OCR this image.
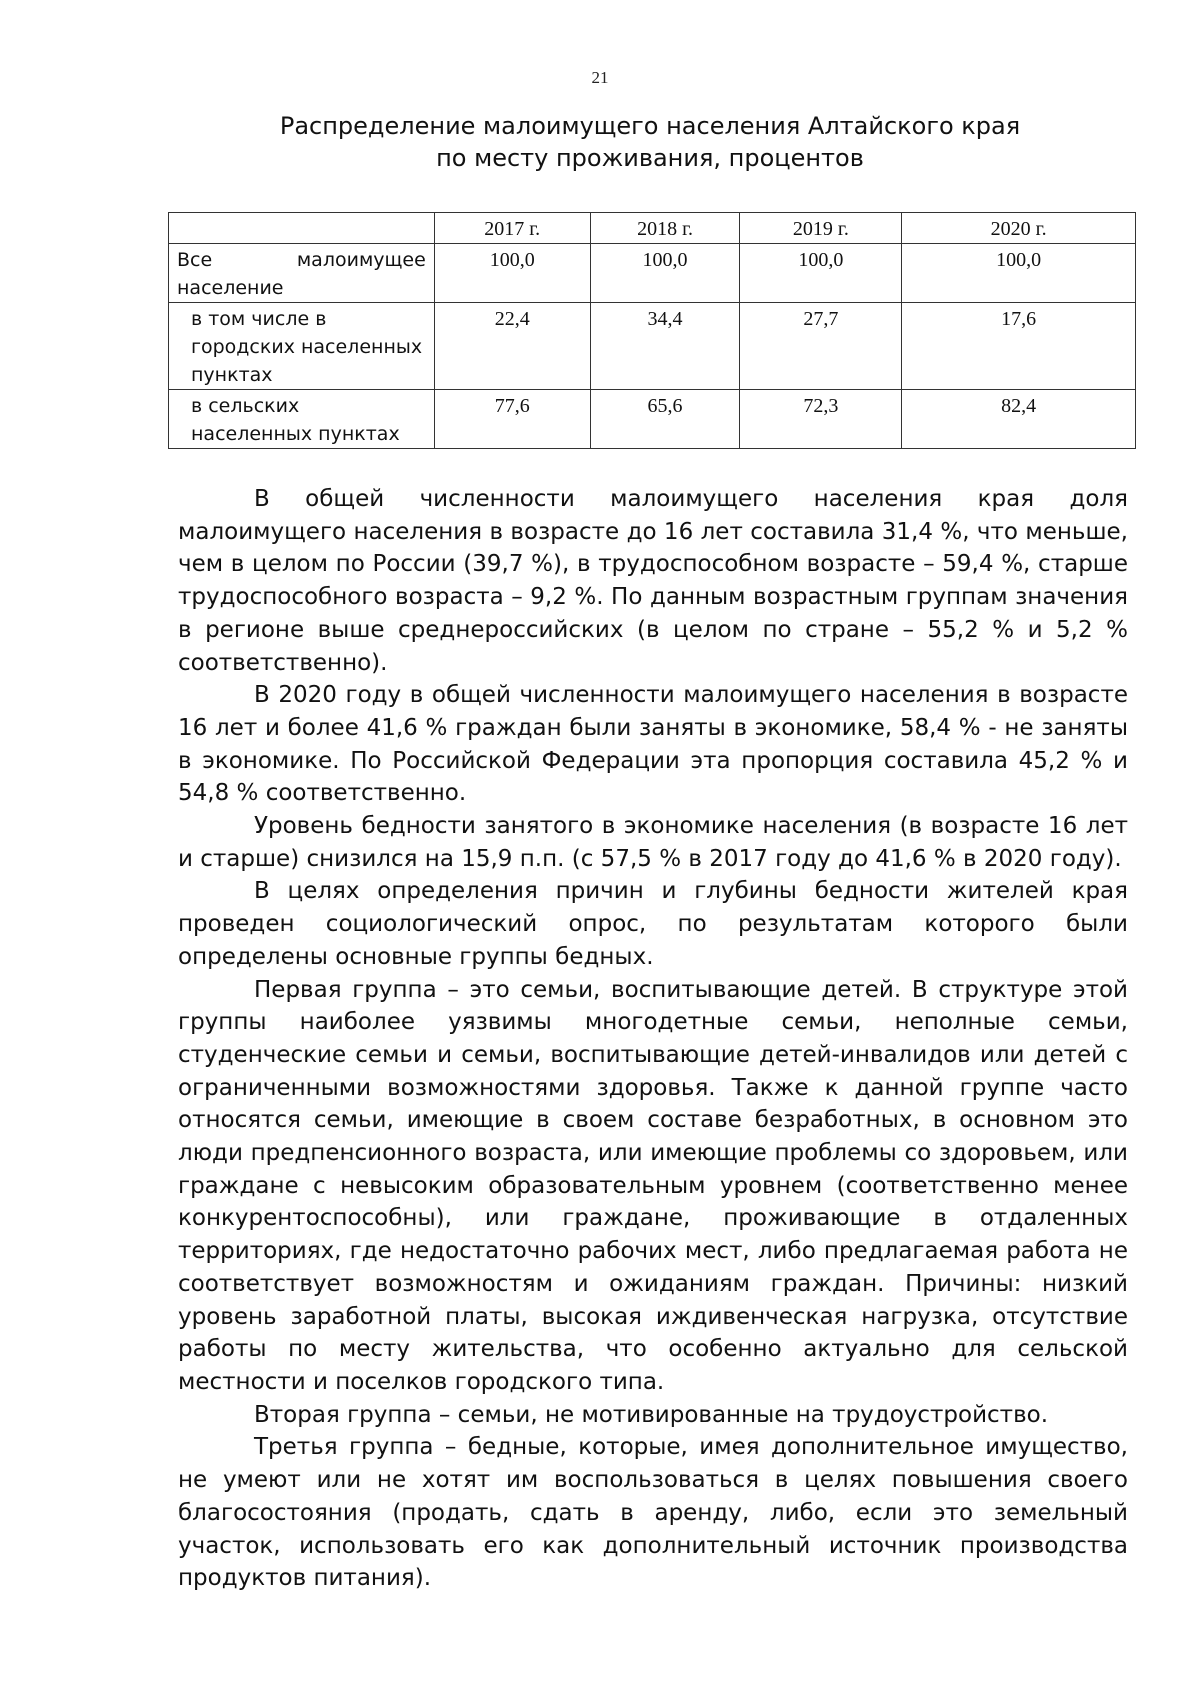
21
Распределение малоимущего населения Алтайского края
по месту проживания, процентов
	2017 г.	2018 г.	2019 г.	2020 г.
Все малоимущее население	100,0	100,0	100,0	100,0
в том числе в городских населенных пунктах	22,4	34,4	27,7	17,6
в сельских населенных пунктах	77,6	65,6	72,3	82,4

В общей численности малоимущего населения края доля малоимущего населения в возрасте до 16 лет составила 31,4 %, что меньше, чем в целом по России (39,7 %), в трудоспособном возрасте – 59,4 %, старше трудоспособного возраста – 9,2 %. По данным возрастным группам значения в регионе выше среднероссийских (в целом по стране – 55,2 % и 5,2 % соответственно).

В 2020 году в общей численности малоимущего населения в возрасте 16 лет и более 41,6 % граждан были заняты в экономике, 58,4 % - не заняты в экономике. По Российской Федерации эта пропорция составила 45,2 % и 54,8 % соответственно.

Уровень бедности занятого в экономике населения (в возрасте 16 лет и старше) снизился на 15,9 п.п. (с 57,5 % в 2017 году до 41,6 % в 2020 году).

В целях определения причин и глубины бедности жителей края проведен социологический опрос, по результатам которого были определены основные группы бедных.

Первая группа – это семьи, воспитывающие детей. В структуре этой группы наиболее уязвимы многодетные семьи, неполные семьи, студенческие семьи и семьи, воспитывающие детей-инвалидов или детей с ограниченными возможностями здоровья. Также к данной группе часто относятся семьи, имеющие в своем составе безработных, в основном это люди предпенсионного возраста, или имеющие проблемы со здоровьем, или граждане с невысоким образовательным уровнем (соответственно менее конкурентоспособны), или граждане, проживающие в отдаленных территориях, где недостаточно рабочих мест, либо предлагаемая работа не соответствует возможностям и ожиданиям граждан. Причины: низкий уровень заработной платы, высокая иждивенческая нагрузка, отсутствие работы по месту жительства, что особенно актуально для сельской местности и поселков городского типа.

Вторая группа – семьи, не мотивированные на трудоустройство.

Третья группа – бедные, которые, имея дополнительное имущество, не умеют или не хотят им воспользоваться в целях повышения своего благосостояния (продать, сдать в аренду, либо, если это земельный участок, использовать его как дополнительный источник производства продуктов питания).
